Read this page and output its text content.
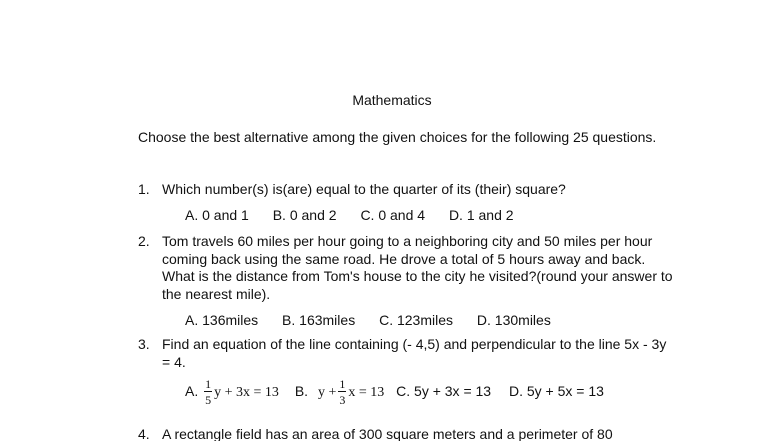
Mathematics
Choose the best alternative among the given choices for the following 25 questions.
1. Which number(s) is(are) equal to the quarter of its (their) square?
A. 0 and 1 B. 0 and 2 C. 0 and 4 D. 1 and 2
2. Tom travels 60 miles per hour going to a neighboring city and 50 miles per hour coming back using the same road. He drove a total of 5 hours away and back. What is the distance from Tom's house to the city he visited?(round your answer to the nearest mile).
A. 136miles B. 163miles C. 123miles D. 130miles
3. Find an equation of the line containing (- 4,5) and perpendicular to the line 5x - 3y = 4.
A. $\frac{1}{5}$ y + 3x = 13 B. $y + \frac{1}{3}$ x = 13 C. 5y + 3x = 13 D. 5y + 5x = 13
4. A rectangle field has an area of 300 square meters and a perimeter of 80
